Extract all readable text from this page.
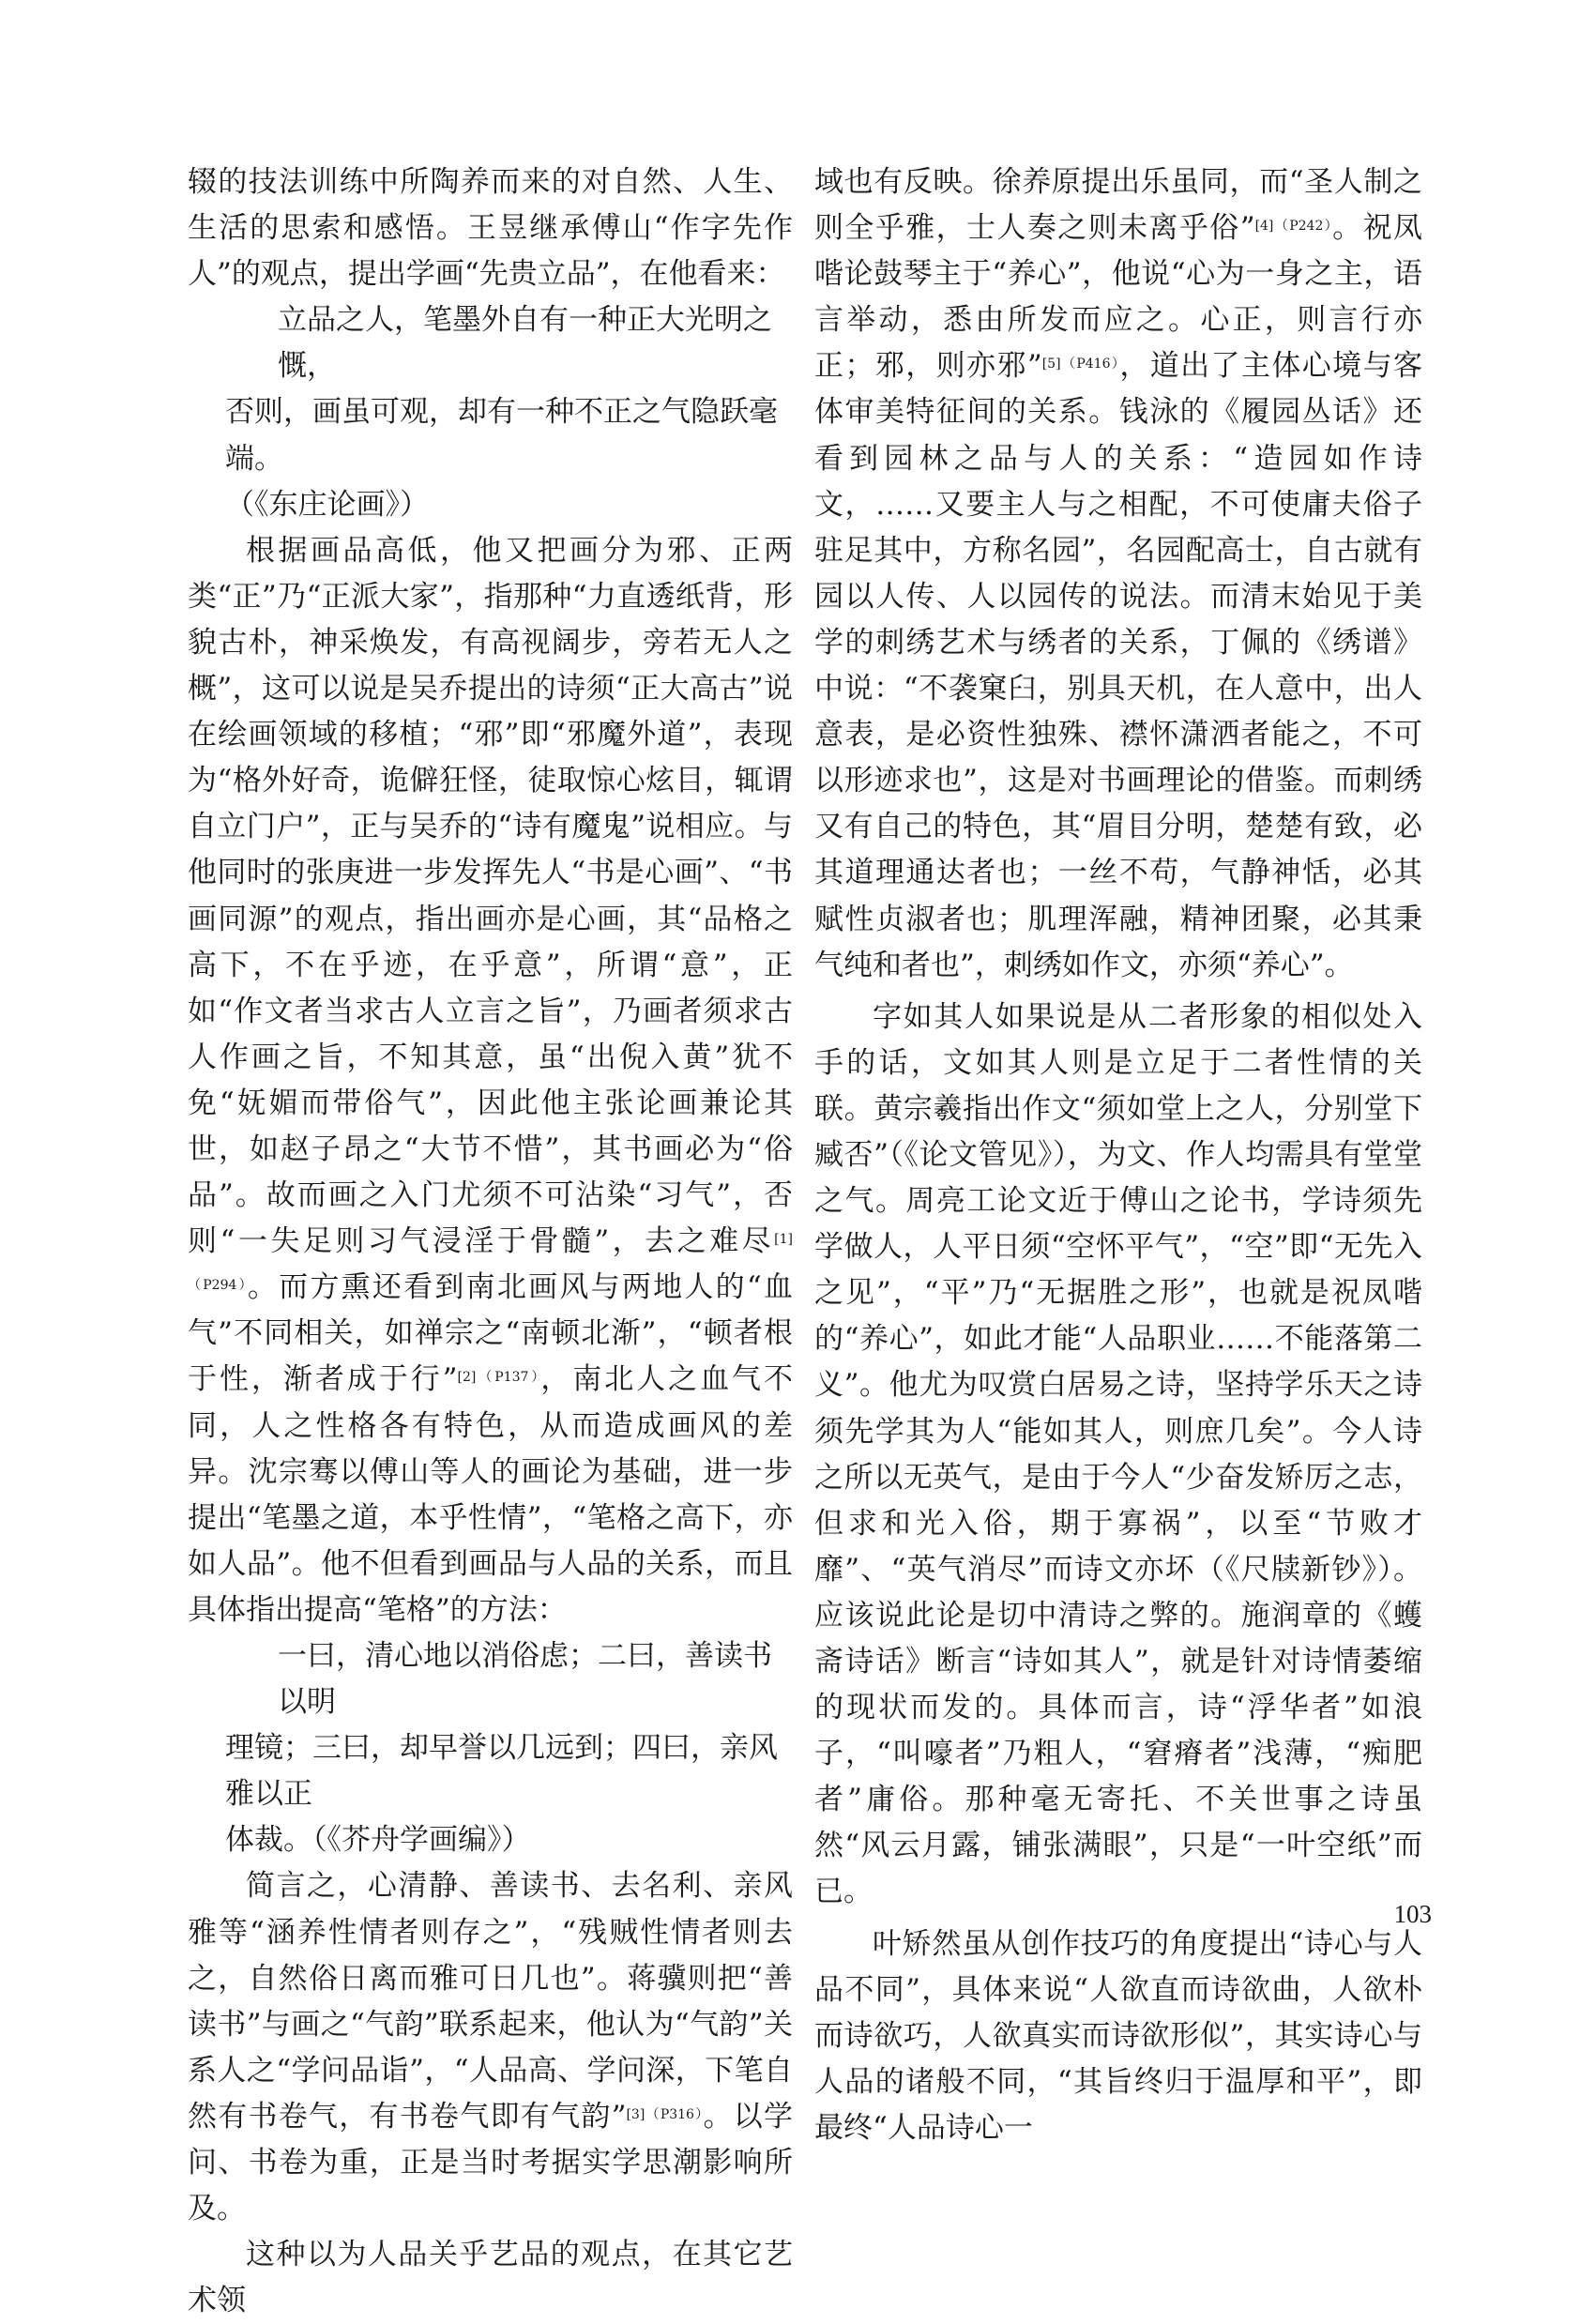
辍的技法训练中所陶养而来的对自然、人生、生活的思索和感悟。王昱继承傅山“作字先作人”的观点，提出学画“先贵立品”，在他看来：

立品之人，笔墨外自有一种正大光明之慨，
否则，画虽可观，却有一种不正之气隐跃毫端。
（《东庄论画》）

根据画品高低，他又把画分为邪、正两类“正”乃“正派大家”，指那种“力直透纸背，形貌古朴，神采焕发，有高视阔步，旁若无人之概”，这可以说是吴乔提出的诗须“正大高古”说在绘画领域的移植；“邪”即“邪魔外道”，表现为“格外好奇，诡僻狂怪，徒取惊心炫目，辄谓自立门户”，正与吴乔的“诗有魔鬼”说相应。与他同时的张庚进一步发挥先人“书是心画”、“书画同源”的观点，指出画亦是心画，其“品格之高下，不在乎迹，在乎意”，所谓“意”，正如“作文者当求古人立言之旨”，乃画者须求古人作画之旨，不知其意，虽“出倪入黄”犹不免“妩媚而带俗气”，因此他主张论画兼论其世，如赵子昂之“大节不惜”，其书画必为“俗品”。故而画之入门尤须不可沾染“习气”，否则“一失足则习气浸淫于骨髓”，去之难尽$^{[1](P294)}$。而方熏还看到南北画风与两地人的“血气”不同相关，如禅宗之“南顿北渐”，“顿者根于性，渐者成于行”$^{[2](P137)}$，南北人之血气不同，人之性格各有特色，从而造成画风的差异。沈宗骞以傅山等人的画论为基础，进一步提出“笔墨之道，本乎性情”，“笔格之高下，亦如人品”。他不但看到画品与人品的关系，而且具体指出提高“笔格”的方法：

一曰，清心地以消俗虑；二曰，善读书以明
理镜；三曰，却早誉以几远到；四曰，亲风雅以正
体裁。（《芥舟学画编》）

简言之，心清静、善读书、去名利、亲风雅等“涵养性情者则存之”，“残贼性情者则去之，自然俗日离而雅可日几也”。蒋骥则把“善读书”与画之“气韵”联系起来，他认为“气韵”关系人之“学问品诣”，“人品高、学问深，下笔自然有书卷气，有书卷气即有气韵”$^{[3](P316)}$。以学问、书卷为重，正是当时考据实学思潮影响所及。

这种以为人品关乎艺品的观点，在其它艺术领

域也有反映。徐养原提出乐虽同，而“圣人制之则全乎雅，士人奏之则未离乎俗”$^{[4](P242)}$。祝凤喈论鼓琴主于“养心”，他说“心为一身之主，语言举动，悉由所发而应之。心正，则言行亦正；邪，则亦邪”$^{[5](P416)}$，道出了主体心境与客体审美特征间的关系。钱泳的《履园丛话》还看到园林之品与人的关系：“造园如作诗文，……又要主人与之相配，不可使庸夫俗子驻足其中，方称名园”，名园配高士，自古就有园以人传、人以园传的说法。而清末始见于美学的刺绣艺术与绣者的关系，丁佩的《绣谱》中说：“不袭窠臼，别具天机，在人意中，出人意表，是必资性独殊、襟怀潇洒者能之，不可以形迹求也”，这是对书画理论的借鉴。而刺绣又有自己的特色，其“眉目分明，楚楚有致，必其道理通达者也；一丝不苟，气静神恬，必其赋性贞淑者也；肌理浑融，精神团聚，必其秉气纯和者也”，刺绣如作文，亦须“养心”。

字如其人如果说是从二者形象的相似处入手的话，文如其人则是立足于二者性情的关联。黄宗羲指出作文“须如堂上之人，分别堂下臧否”（《论文管见》），为文、作人均需具有堂堂之气。周亮工论文近于傅山之论书，学诗须先学做人，人平日须“空怀平气”，“空”即“无先入之见”，“平”乃“无据胜之形”，也就是祝凤喈的“养心”，如此才能“人品职业……不能落第二义”。他尤为叹赏白居易之诗，坚持学乐天之诗须先学其为人“能如其人，则庶几矣”。今人诗之所以无英气，是由于今人“少奋发矫厉之志，但求和光入俗，期于寡祸”，以至“节败才靡”、“英气消尽”而诗文亦坏（《尺牍新钞》）。应该说此论是切中清诗之弊的。施润章的《蠖斋诗话》断言“诗如其人”，就是针对诗情萎缩的现状而发的。具体而言，诗“浮华者”如浪子，“叫嚎者”乃粗人，“窘瘠者”浅薄，“痴肥者”庸俗。那种毫无寄托、不关世事之诗虽然“风云月露，铺张满眼”，只是“一叶空纸”而已。

叶矫然虽从创作技巧的角度提出“诗心与人品不同”，具体来说“人欲直而诗欲曲，人欲朴而诗欲巧，人欲真实而诗欲形似”，其实诗心与人品的诸般不同，“其旨终归于温厚和平”，即最终“人品诗心一

103
